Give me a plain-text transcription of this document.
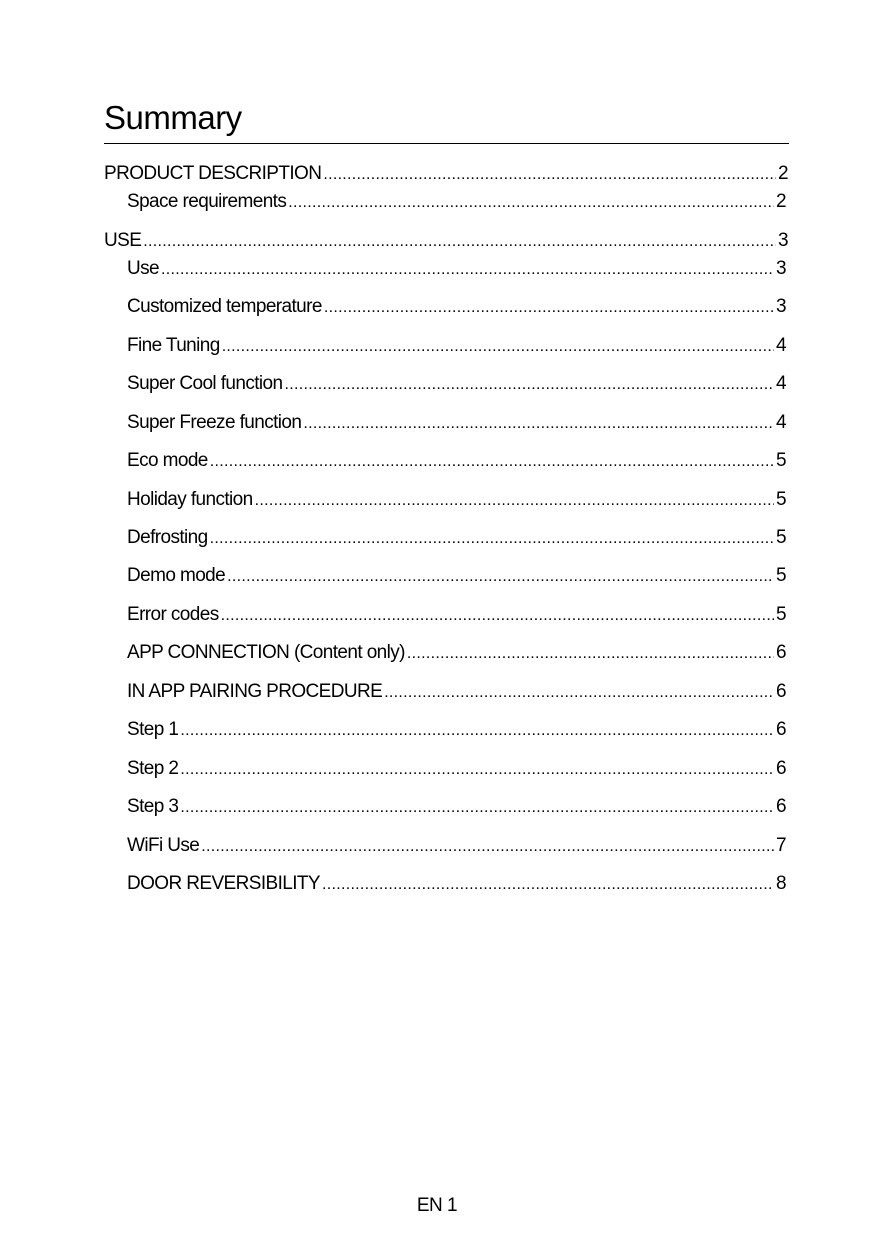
Summary
PRODUCT DESCRIPTION .....	2
Space requirements .....	2
USE .....	3
Use .....	3
Customized temperature .....	3
Fine Tuning .....	4
Super Cool function .....	4
Super Freeze function .....	4
Eco mode .....	5
Holiday function .....	5
Defrosting .....	5
Demo mode .....	5
Error codes .....	5
APP CONNECTION (Content only) .....	6
IN APP PAIRING PROCEDURE .....	6
Step 1 .....	6
Step 2 .....	6
Step 3 .....	6
WiFi Use .....	7
DOOR REVERSIBILITY .....	8
EN 1
